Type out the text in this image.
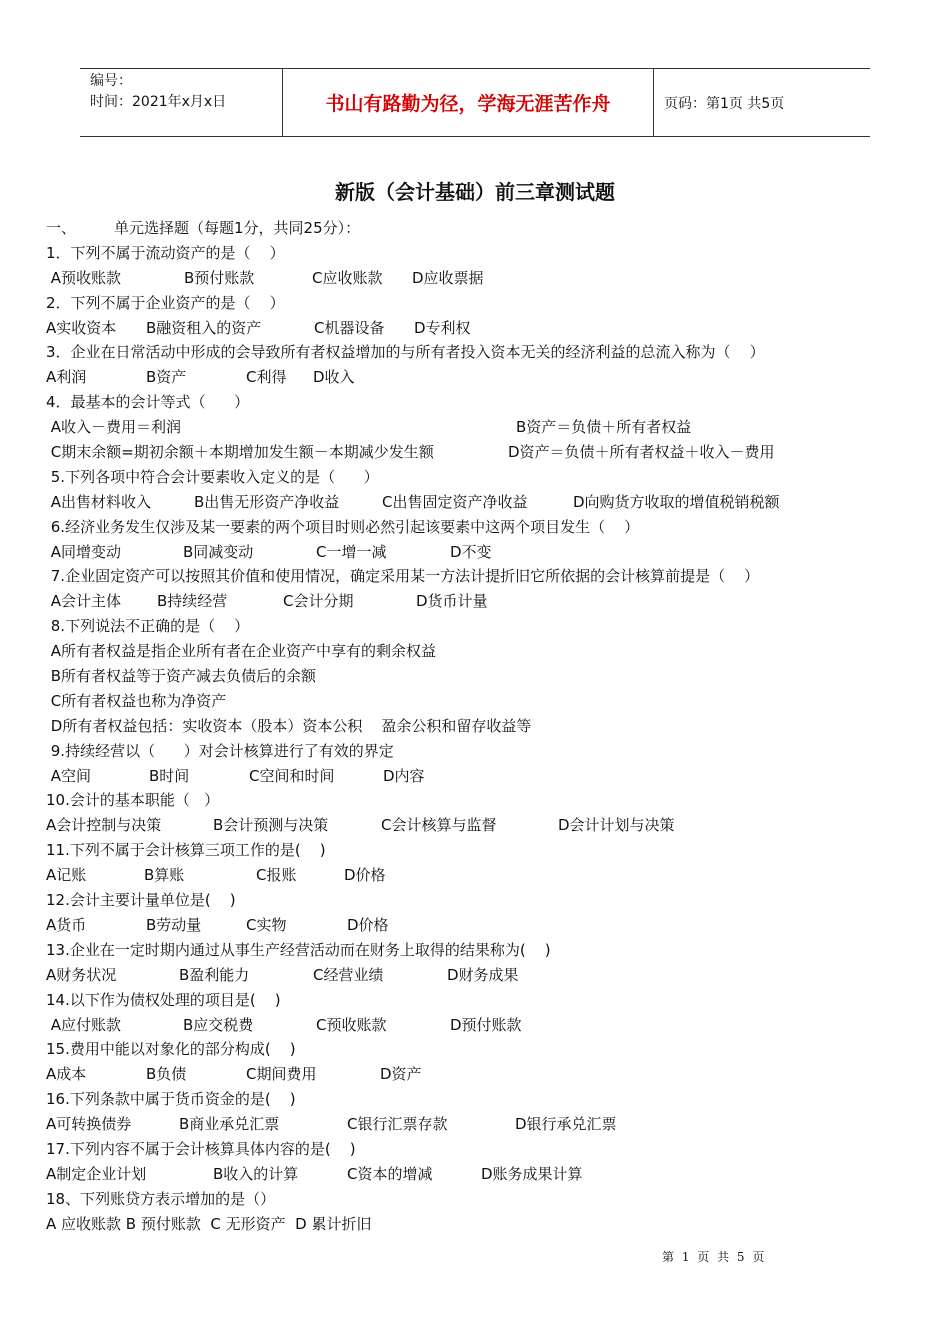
编号：
时间：2021年x月x日	书山有路勤为径，学海无涯苦作舟	页码：第1页 共5页
新版（会计基础）前三章测试题
一、	单元选择题（每题1分，共同25分）：
1．下列不属于流动资产的是（    ）
A预收账款	B预付账款	C应收账款 D应收票据
2．下列不属于企业资产的是（    ）
A实收资本 B融资租入的资产	C机器设备 D专利权
3．企业在日常活动中形成的会导致所有者权益增加的与所有者投入资本无关的经济利益的总流入称为（    ）
A利润	B资产	C利得 D收入
4．最基本的会计等式（      ）
A收入－费用＝利润	B资产＝负债＋所有者权益
C期末余额=期初余额＋本期增加发生额－本期减少发生额	D资产＝负债＋所有者权益＋收入－费用
5.下列各项中符合会计要素收入定义的是（      ）
A出售材料收入	B出售无形资产净收益	C出售固定资产净收益	D向购货方收取的增值税销税额
6.经济业务发生仅涉及某一要素的两个项目时则必然引起该要素中这两个项目发生（    ）
A同增变动	B同减变动	C一增一减	D不变
7.企业固定资产可以按照其价值和使用情况，确定采用某一方法计提折旧它所依据的会计核算前提是（    ）
A会计主体 B持续经营	C会计分期	D货币计量
8.下列说法不正确的是（    ）
A所有者权益是指企业所有者在企业资产中享有的剩余权益
B所有者权益等于资产减去负债后的余额
C所有者权益也称为净资产
D所有者权益包括：实收资本（股本）资本公积    盈余公积和留存收益等
9.持续经营以（      ）对会计核算进行了有效的界定
A空间	B时间	C空间和时间	D内容
10.会计的基本职能（   ）
A会计控制与决策	B会计预测与决策	C会计核算与监督	D会计计划与决策
11.下列不属于会计核算三项工作的是(    )
A记账	B算账	C报账	D价格
12.会计主要计量单位是(    )
A货币	B劳动量	C实物	D价格
13.企业在一定时期内通过从事生产经营活动而在财务上取得的结果称为(    )
A财务状况	B盈利能力	C经营业绩	D财务成果
14.以下作为债权处理的项目是(    )
A应付账款	B应交税费	C预收账款	D预付账款
15.费用中能以对象化的部分构成(    )
A成本	B负债	C期间费用	D资产
16.下列条款中属于货币资金的是(    )
A可转换债券	B商业承兑汇票	C银行汇票存款	D银行承兑汇票
17.下列内容不属于会计核算具体内容的是(    )
A制定企业计划	B收入的计算	C资本的增减	D账务成果计算
18、下列账贷方表示增加的是（）
A 应收账款 B 预付账款  C 无形资产  D 累计折旧
第 1 页 共 5 页
